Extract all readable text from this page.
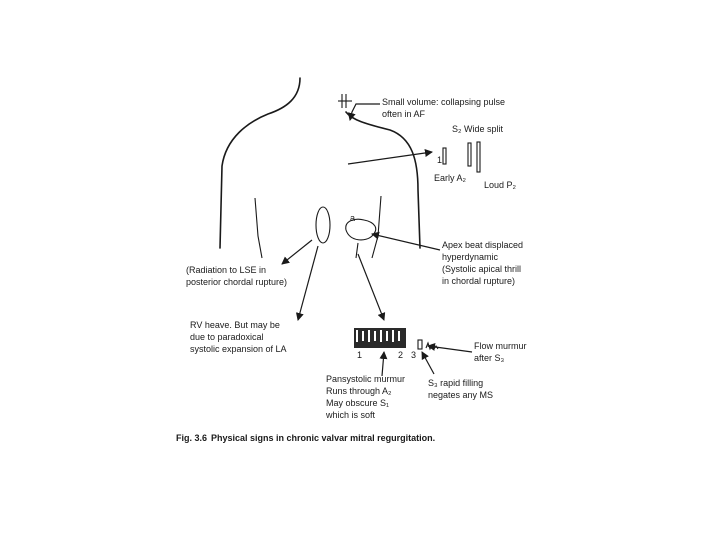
a
1
1	2 3
Small volume: collapsing pulse
often in AF
S₂ Wide split
Early A₂
Loud P₂
Apex beat displaced
hyperdynamic
(Systolic apical thrill
in chordal rupture)
(Radiation to LSE in
posterior chordal rupture)
RV heave. But may be
due to paradoxical
systolic expansion of LA	Flow murmur
after S₃
Pansystolic murmur
Runs through A₂
May obscure S₁
which is soft
S₃ rapid filling
negates any MS
Fig. 3.6 Physical signs in chronic valvar mitral regurgitation.
